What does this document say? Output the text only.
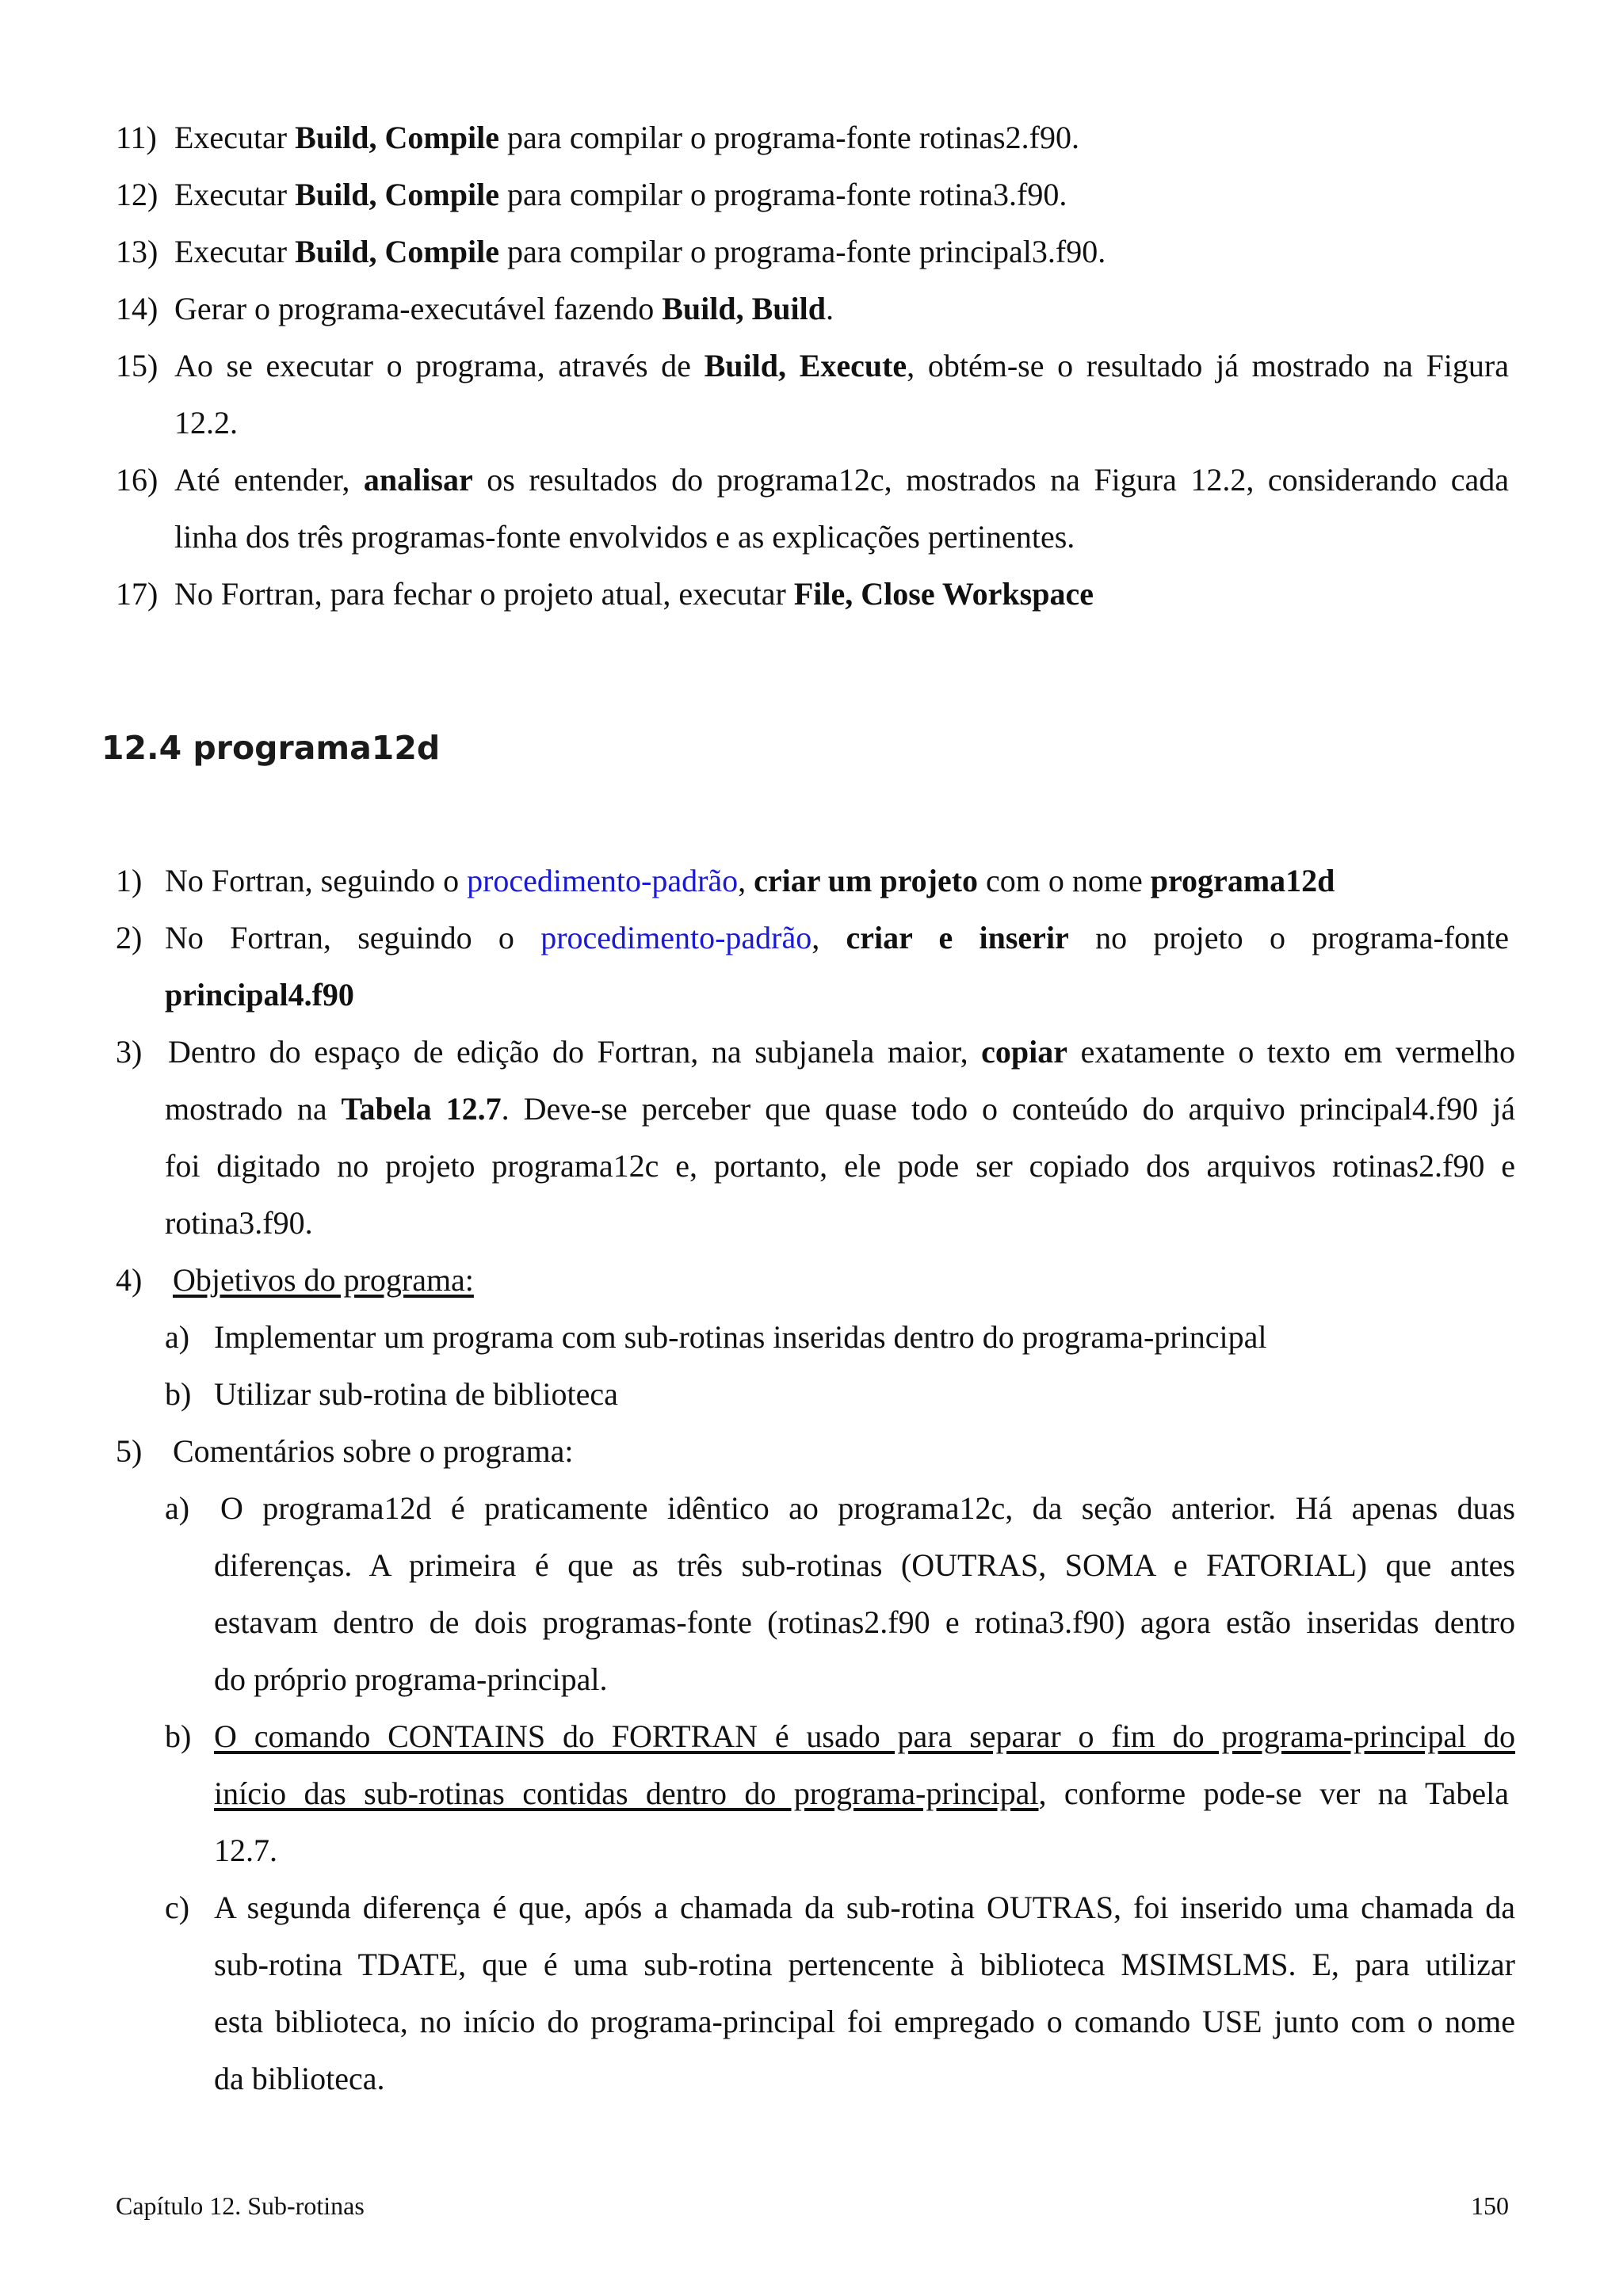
11) Executar Build, Compile para compilar o programa-fonte rotinas2.f90.
12) Executar Build, Compile para compilar o programa-fonte rotina3.f90.
13) Executar Build, Compile para compilar o programa-fonte principal3.f90.
14) Gerar o programa-executável fazendo Build, Build.
15) Ao se executar o programa, através de Build, Execute, obtém-se o resultado já mostrado na Figura
12.2.
16) Até entender, analisar os resultados do programa12c, mostrados na Figura 12.2, considerando cada
linha dos três programas-fonte envolvidos e as explicações pertinentes.
17) No Fortran, para fechar o projeto atual, executar File, Close Workspace
12.4 programa12d
1) No Fortran, seguindo o procedimento-padrão, criar um projeto com o nome programa12d
2) No Fortran, seguindo o procedimento-padrão, criar e inserir no projeto o programa-fonte
principal4.f90
3) Dentro do espaço de edição do Fortran, na subjanela maior, copiar exatamente o texto em vermelho
mostrado na Tabela 12.7. Deve-se perceber que quase todo o conteúdo do arquivo principal4.f90 já
foi digitado no projeto programa12c e, portanto, ele pode ser copiado dos arquivos rotinas2.f90 e
rotina3.f90.
4) Objetivos do programa:
a) Implementar um programa com sub-rotinas inseridas dentro do programa-principal
b) Utilizar sub-rotina de biblioteca
5) Comentários sobre o programa:
a) O programa12d é praticamente idêntico ao programa12c, da seção anterior. Há apenas duas
diferenças. A primeira é que as três sub-rotinas (OUTRAS, SOMA e FATORIAL) que antes
estavam dentro de dois programas-fonte (rotinas2.f90 e rotina3.f90) agora estão inseridas dentro
do próprio programa-principal.
b) O comando CONTAINS do FORTRAN é usado para separar o fim do programa-principal do
início das sub-rotinas contidas dentro do programa-principal, conforme pode-se ver na Tabela
12.7.
c) A segunda diferença é que, após a chamada da sub-rotina OUTRAS, foi inserido uma chamada da
sub-rotina TDATE, que é uma sub-rotina pertencente à biblioteca MSIMSLMS. E, para utilizar
esta biblioteca, no início do programa-principal foi empregado o comando USE junto com o nome
da biblioteca.
Capítulo 12. Sub-rotinas	150
